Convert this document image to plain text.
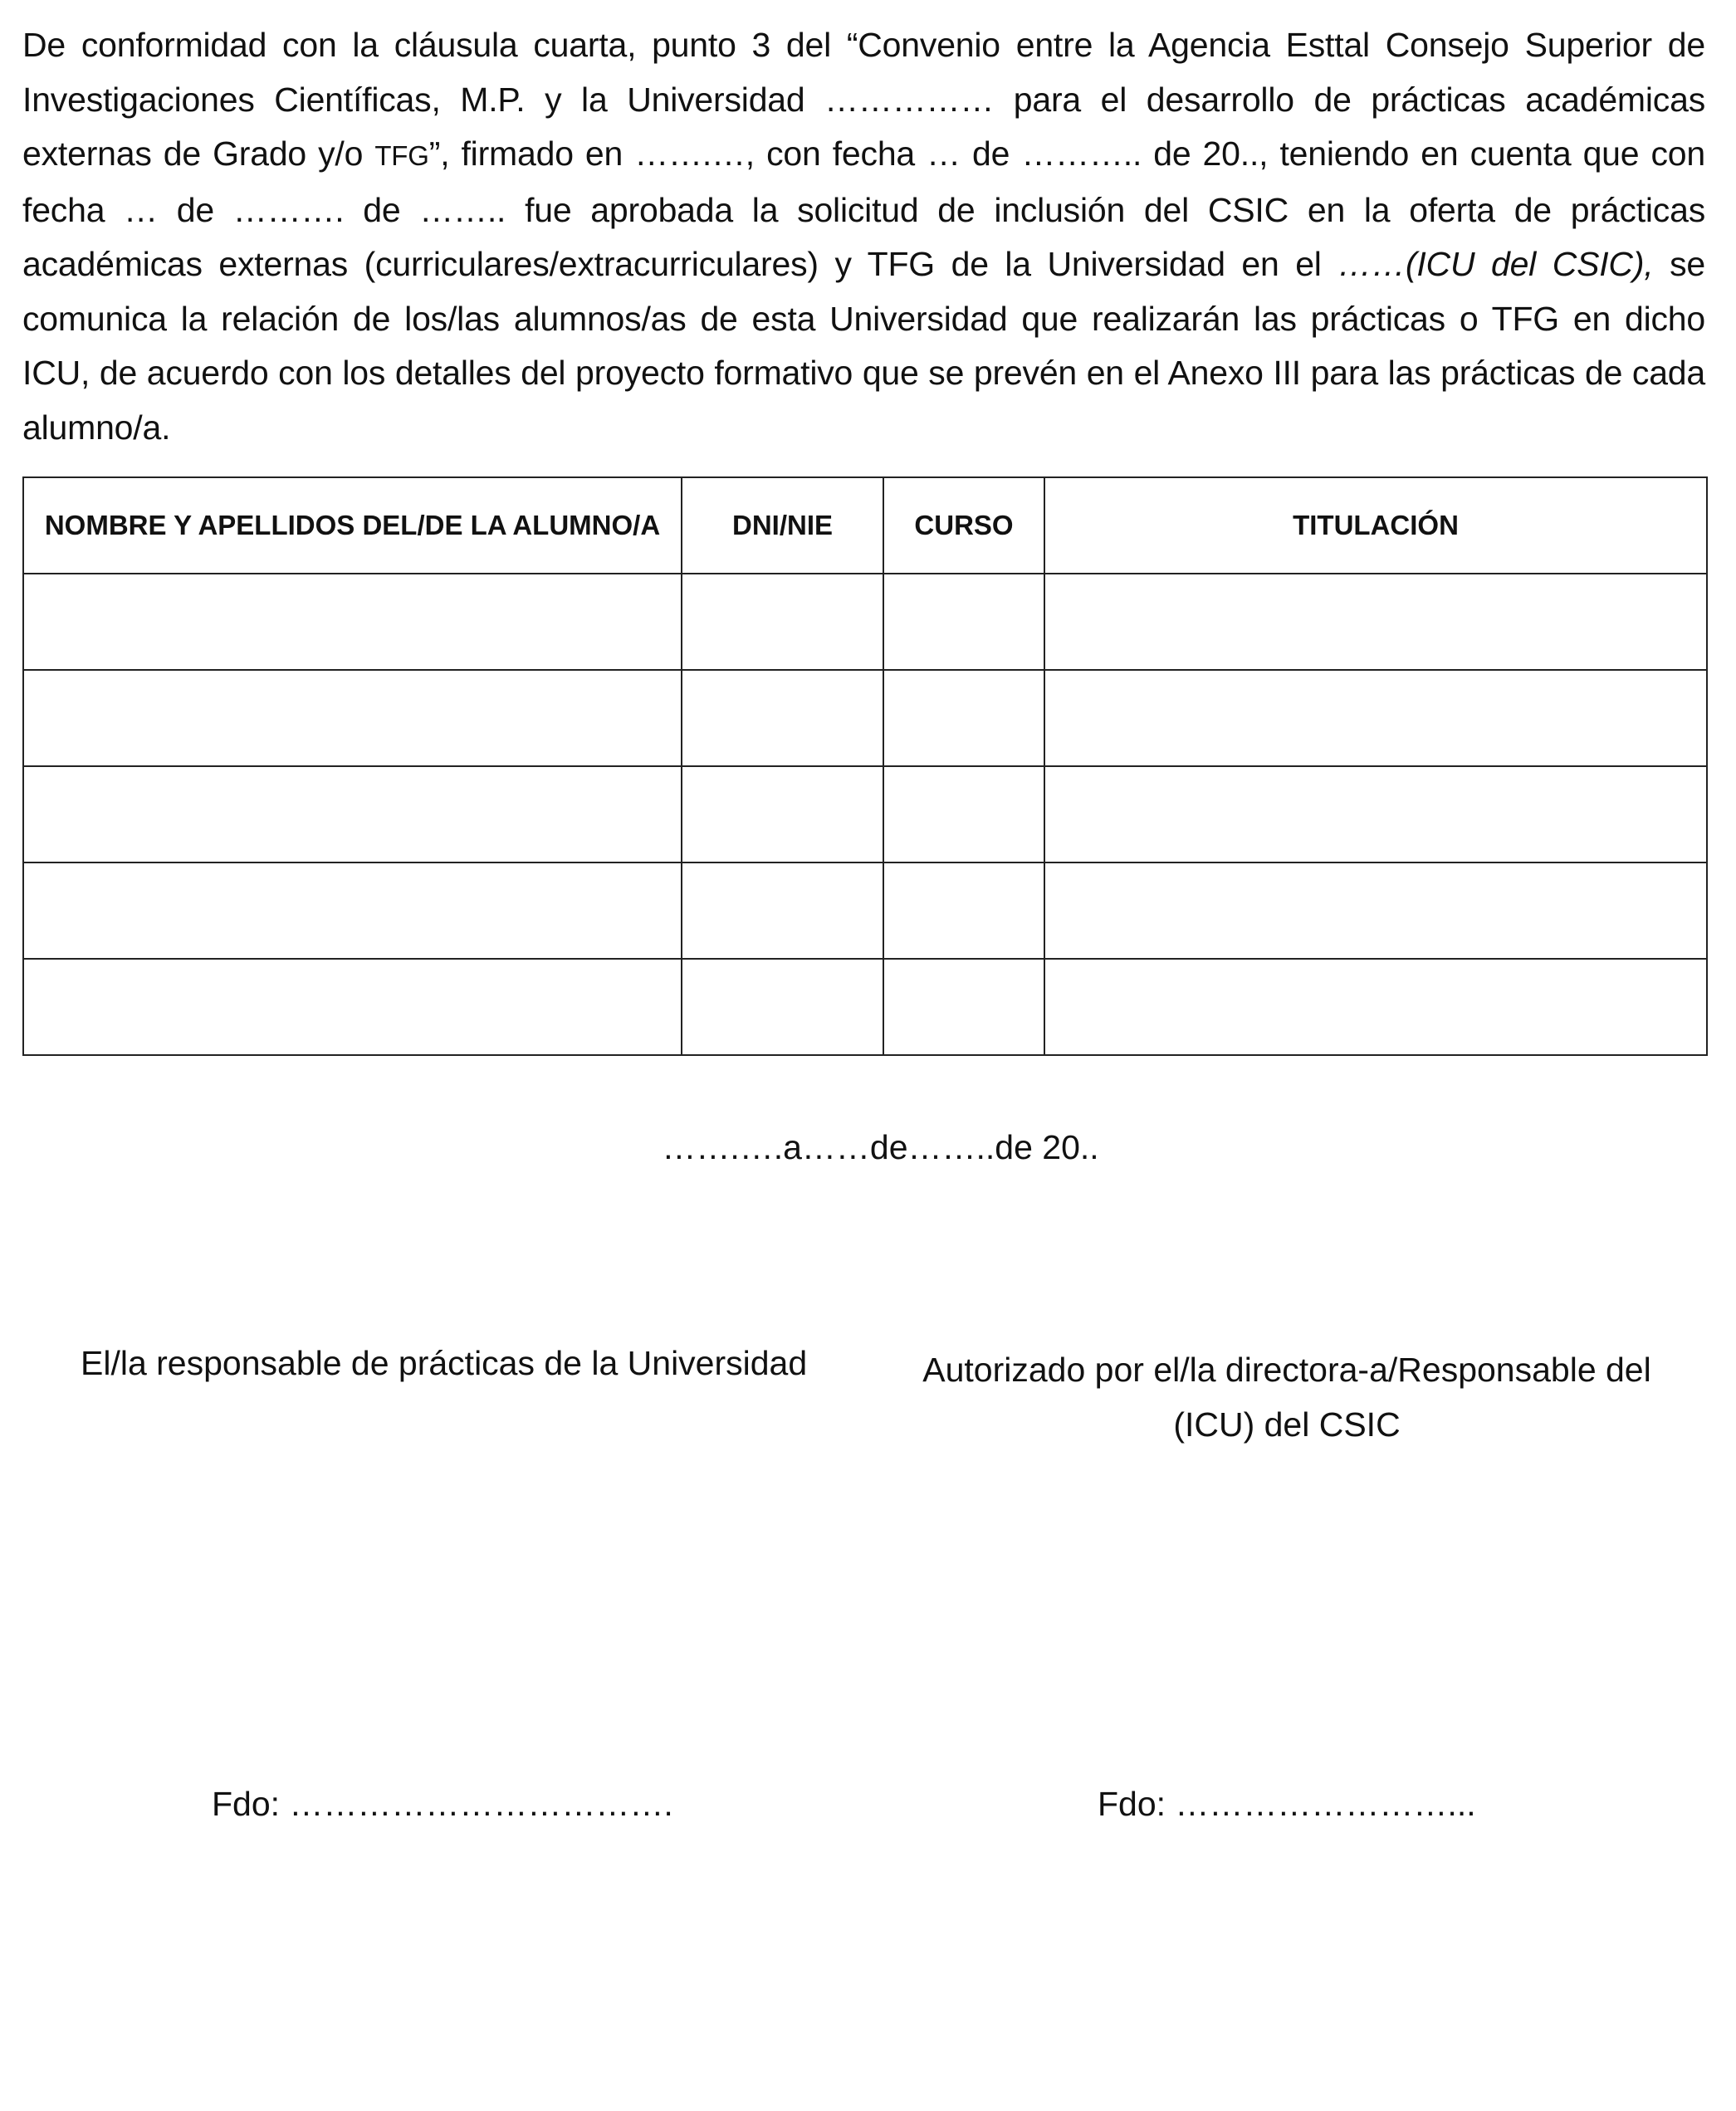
De conformidad con la cláusula cuarta, punto 3 del “Convenio entre la Agencia Esttal Consejo Superior de Investigaciones Científicas, M.P. y la Universidad …………… para el desarrollo de prácticas académicas externas de Grado y/o TFG”, firmado en …….…, con fecha … de ……….. de 20.., teniendo en cuenta que con fecha … de ………. de …….. fue aprobada la solicitud de inclusión del CSIC en la oferta de prácticas académicas externas (curriculares/extracurriculares) y TFG de la Universidad en el ……(ICU del CSIC), se comunica la relación de los/las alumnos/as de esta Universidad que realizarán las prácticas o TFG en dicho ICU, de acuerdo con los detalles del proyecto formativo que se prevén en el Anexo III para las prácticas de cada alumno/a.

NOMBRE Y APELLIDOS DEL/DE LA ALUMNO/A	DNI/NIE	CURSO	TITULACIÓN

…….….a……de……..de 20..
El/la responsable de prácticas de la Universidad	Autorizado por el/la directora-a/Responsable del
(ICU) del CSIC
Fdo: …………………………….	Fdo: ……………………...
